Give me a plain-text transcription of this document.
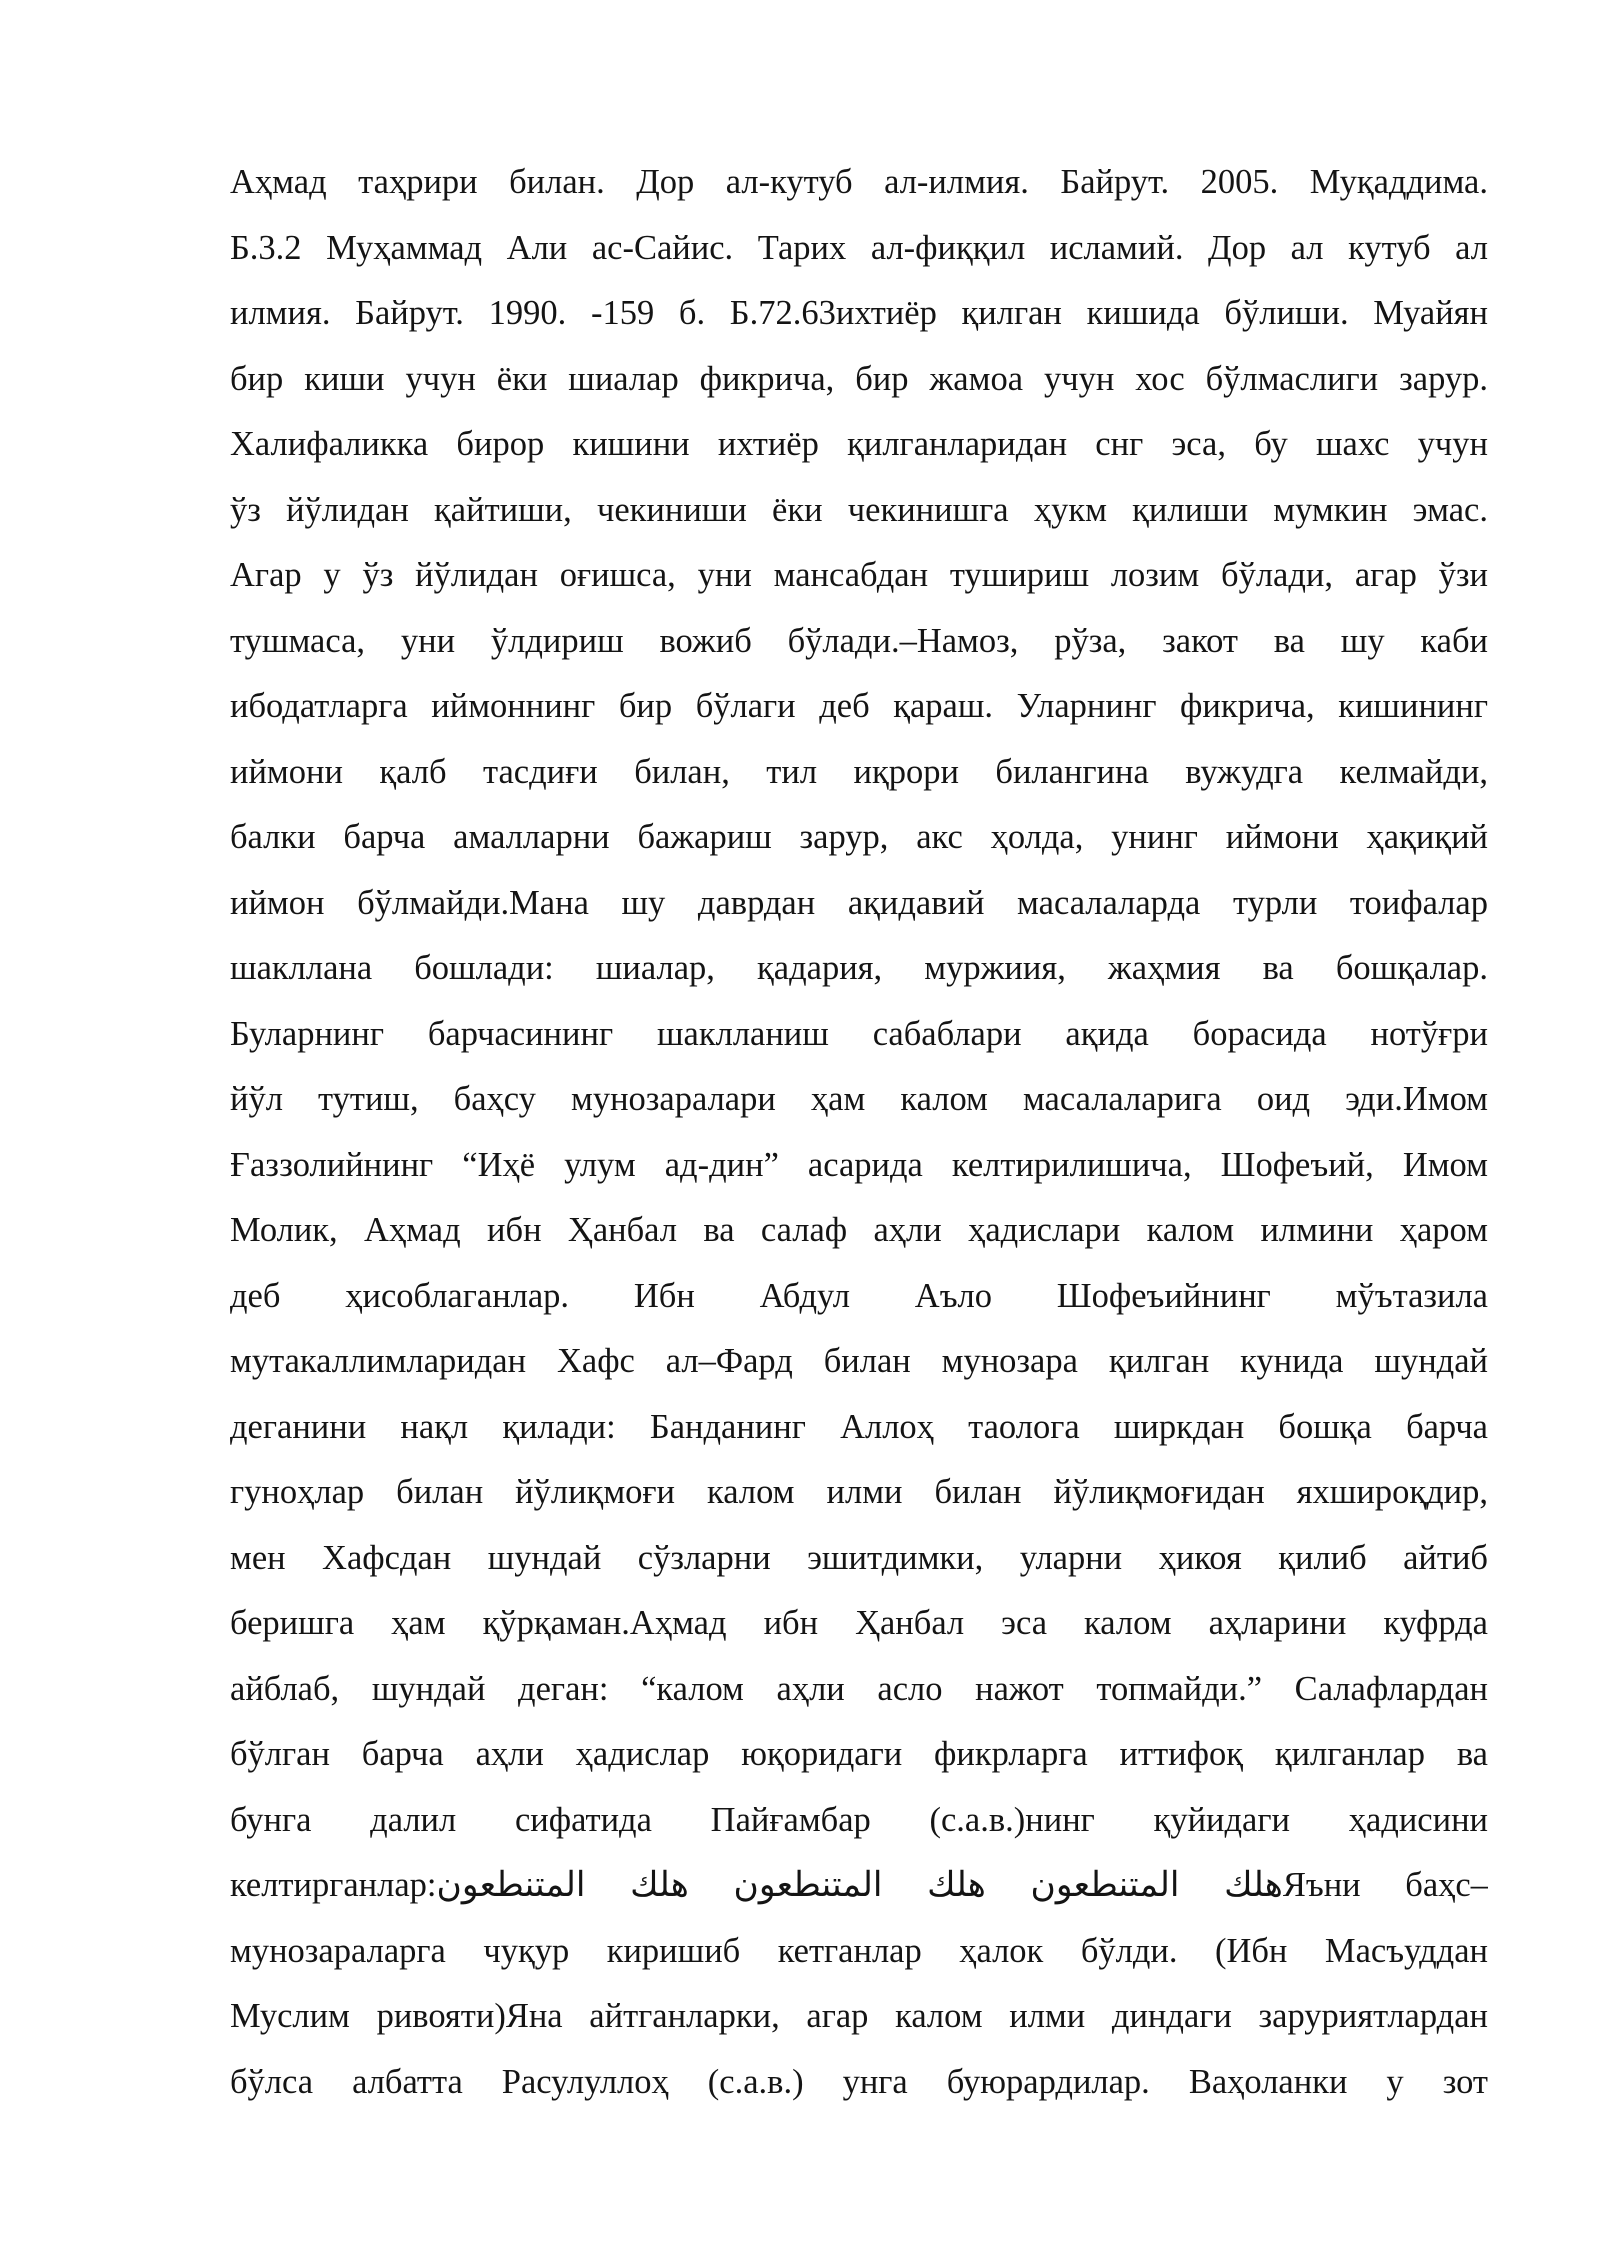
Аҳмад таҳрири билан. Дор ал-кутуб ал-илмия. Байрут. 2005. Муқаддима.
Б.3.2 Муҳаммад Али ас-Сайис. Тарих ал-фиққил исламий. Дор ал кутуб ал
илмия. Байрут. 1990. -159 б. Б.72.63ихтиёр қилган кишида бўлиши. Муайян
бир киши учун ёки шиалар фикрича, бир жамоа учун хос бўлмаслиги зарур.
Халифаликка бирор кишини ихтиёр қилганларидан снг эса, бу шахс учун
ўз йўлидан қайтиши, чекиниши ёки чекинишга ҳукм қилиши мумкин эмас.
Агар у ўз йўлидан оғишса, уни мансабдан тушириш лозим бўлади, агар ўзи
тушмаса, уни ўлдириш вожиб бўлади.–Намоз, рўза, закот ва шу каби
ибодатларга иймоннинг бир бўлаги деб қараш. Уларнинг фикрича, кишининг
иймони қалб тасдиғи билан, тил иқрори билангина вужудга келмайди,
балки барча амалларни бажариш зарур, акс ҳолда, унинг иймони ҳақиқий
иймон бўлмайди.Мана шу даврдан ақидавий масалаларда турли тоифалар
шакллана бошлади: шиалар, қадария, муржиия, жаҳмия ва бошқалар.
Буларнинг барчасининг шаклланиш сабаблари ақида борасида нотўғри
йўл тутиш, баҳсу мунозаралари ҳам калом масалаларига оид эди.Имом
Ғаззолийнинг “Иҳё улум ад-дин” асарида келтирилишича, Шофеъий, Имом
Молик, Аҳмад ибн Ҳанбал ва салаф аҳли ҳадислари калом илмини ҳаром
деб ҳисоблаганлар. Ибн Абдул Аъло Шофеъийнинг мўътазила
мутакаллимларидан Хафс ал–Фард билан мунозара қилган кунида шундай
деганини нақл қилади: Банданинг Аллоҳ таолога ширкдан бошқа барча
гуноҳлар билан йўлиқмоғи калом илми билан йўлиқмоғидан яхшироқдир,
мен Хафсдан шундай сўзларни эшитдимки, уларни ҳикоя қилиб айтиб
беришга ҳам қўрқаман.Аҳмад ибн Ҳанбал эса калом аҳларини куфрда
айблаб, шундай деган: “калом аҳли асло нажот топмайди.” Салафлардан
бўлган барча аҳли ҳадислар юқоридаги фикрларга иттифоқ қилганлар ва
бунга далил сифатида Пайғамбар (с.а.в.)нинг қуйидаги ҳадисини
келтирганлар:ﻫﻠﻚ ﺍﻟﻤﺘﻨﻄﻌﻮﻥ ﻫﻠﻚ ﺍﻟﻤﺘﻨﻄﻌﻮﻥ ﻫﻠﻚ ﺍﻟﻤﺘﻨﻄﻌﻮﻥЯъни баҳс–
мунозараларга чуқур киришиб кетганлар ҳалок бўлди. (Ибн Масъуддан
Муслим ривояти)Яна айтганларки, агар калом илми диндаги заруриятлардан
бўлса албатта Расулуллоҳ (с.а.в.) унга буюрардилар. Ваҳоланки у зот
